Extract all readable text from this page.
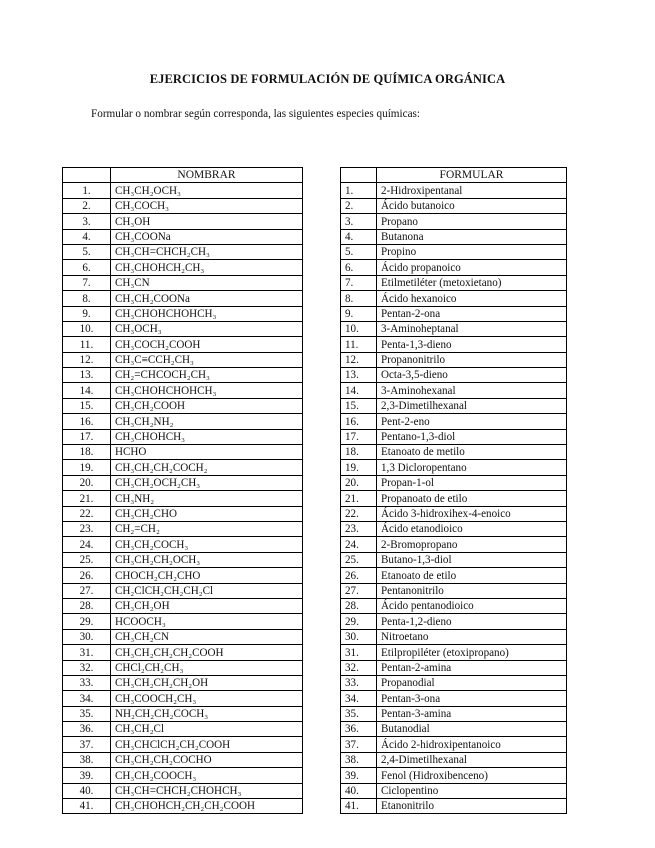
EJERCICIOS DE FORMULACIÓN DE QUÍMICA ORGÁNICA
Formular o nombrar según corresponda, las siguientes especies químicas:
	NOMBRAR			FORMULAR
1.	CH₃CH₂OCH₃		1.	2-Hidroxipentanal
2.	CH₃COCH₃		2.	Ácido butanoico
3.	CH₃OH		3.	Propano
4.	CH₃COONa		4.	Butanona
5.	CH₃CH=CHCH₂CH₃		5.	Propino
6.	CH₃CHOHCH₂CH₃		6.	Ácido propanoico
7.	CH₃CN		7.	Etilmetiléter (metoxietano)
8.	CH₃CH₂COONa		8.	Ácido hexanoico
9.	CH₃CHOHCHOHCH₃		9.	Pentan-2-ona
10.	CH₃OCH₃		10.	3-Aminoheptanal
11.	CH₃COCH₂COOH		11.	Penta-1,3-dieno
12.	CH₃C≡CCH₂CH₃		12.	Propanonitrilo
13.	CH₂=CHCOCH₂CH₃		13.	Octa-3,5-dieno
14.	CH₃CHOHCHOHCH₃		14.	3-Aminohexanal
15.	CH₃CH₂COOH		15.	2,3-Dimetilhexanal
16.	CH₃CH₂NH₂		16.	Pent-2-eno
17.	CH₃CHOHCH₃		17.	Pentano-1,3-diol
18.	HCHO		18.	Etanoato de metilo
19.	CH₃CH₂CH₂COCH₂		19.	1,3 Dicloropentano
20.	CH₃CH₂OCH₂CH₃		20.	Propan-1-ol
21.	CH₃NH₂		21.	Propanoato de etilo
22.	CH₃CH₂CHO		22.	Ácido 3-hidroxihex-4-enoico
23.	CH₂=CH₂		23.	Ácido etanodioico
24.	CH₃CH₂COCH₃		24.	2-Bromopropano
25.	CH₃CH₂CH₂OCH₃		25.	Butano-1,3-diol
26.	CHOCH₂CH₂CHO		26.	Etanoato de etilo
27.	CH₂ClCH₂CH₂CH₂Cl		27.	Pentanonitrilo
28.	CH₃CH₂OH		28.	Ácido pentanodioico
29.	HCOOCH₃		29.	Penta-1,2-dieno
30.	CH₃CH₂CN		30.	Nitroetano
31.	CH₃CH₂CH₂CH₂COOH		31.	Etilpropiléter (etoxipropano)
32.	CHCl₂CH₂CH₃		32.	Pentan-2-amina
33.	CH₃CH₂CH₂CH₂OH		33.	Propanodial
34.	CH₃COOCH₂CH₃		34.	Pentan-3-ona
35.	NH₂CH₂CH₂COCH₃		35.	Pentan-3-amina
36.	CH₃CH₂Cl		36.	Butanodial
37.	CH₃CHClCH₂CH₂COOH		37.	Ácido 2-hidroxipentanoico
38.	CH₃CH₂CH₂COCHO		38.	2,4-Dimetilhexanal
39.	CH₃CH₂COOCH₃		39.	Fenol (Hidroxibenceno)
40.	CH₃CH=CHCH₂CHOHCH₃		40.	Ciclopentino
41.	CH₃CHOHCH₂CH₂CH₂COOH		41.	Etanonitrilo
